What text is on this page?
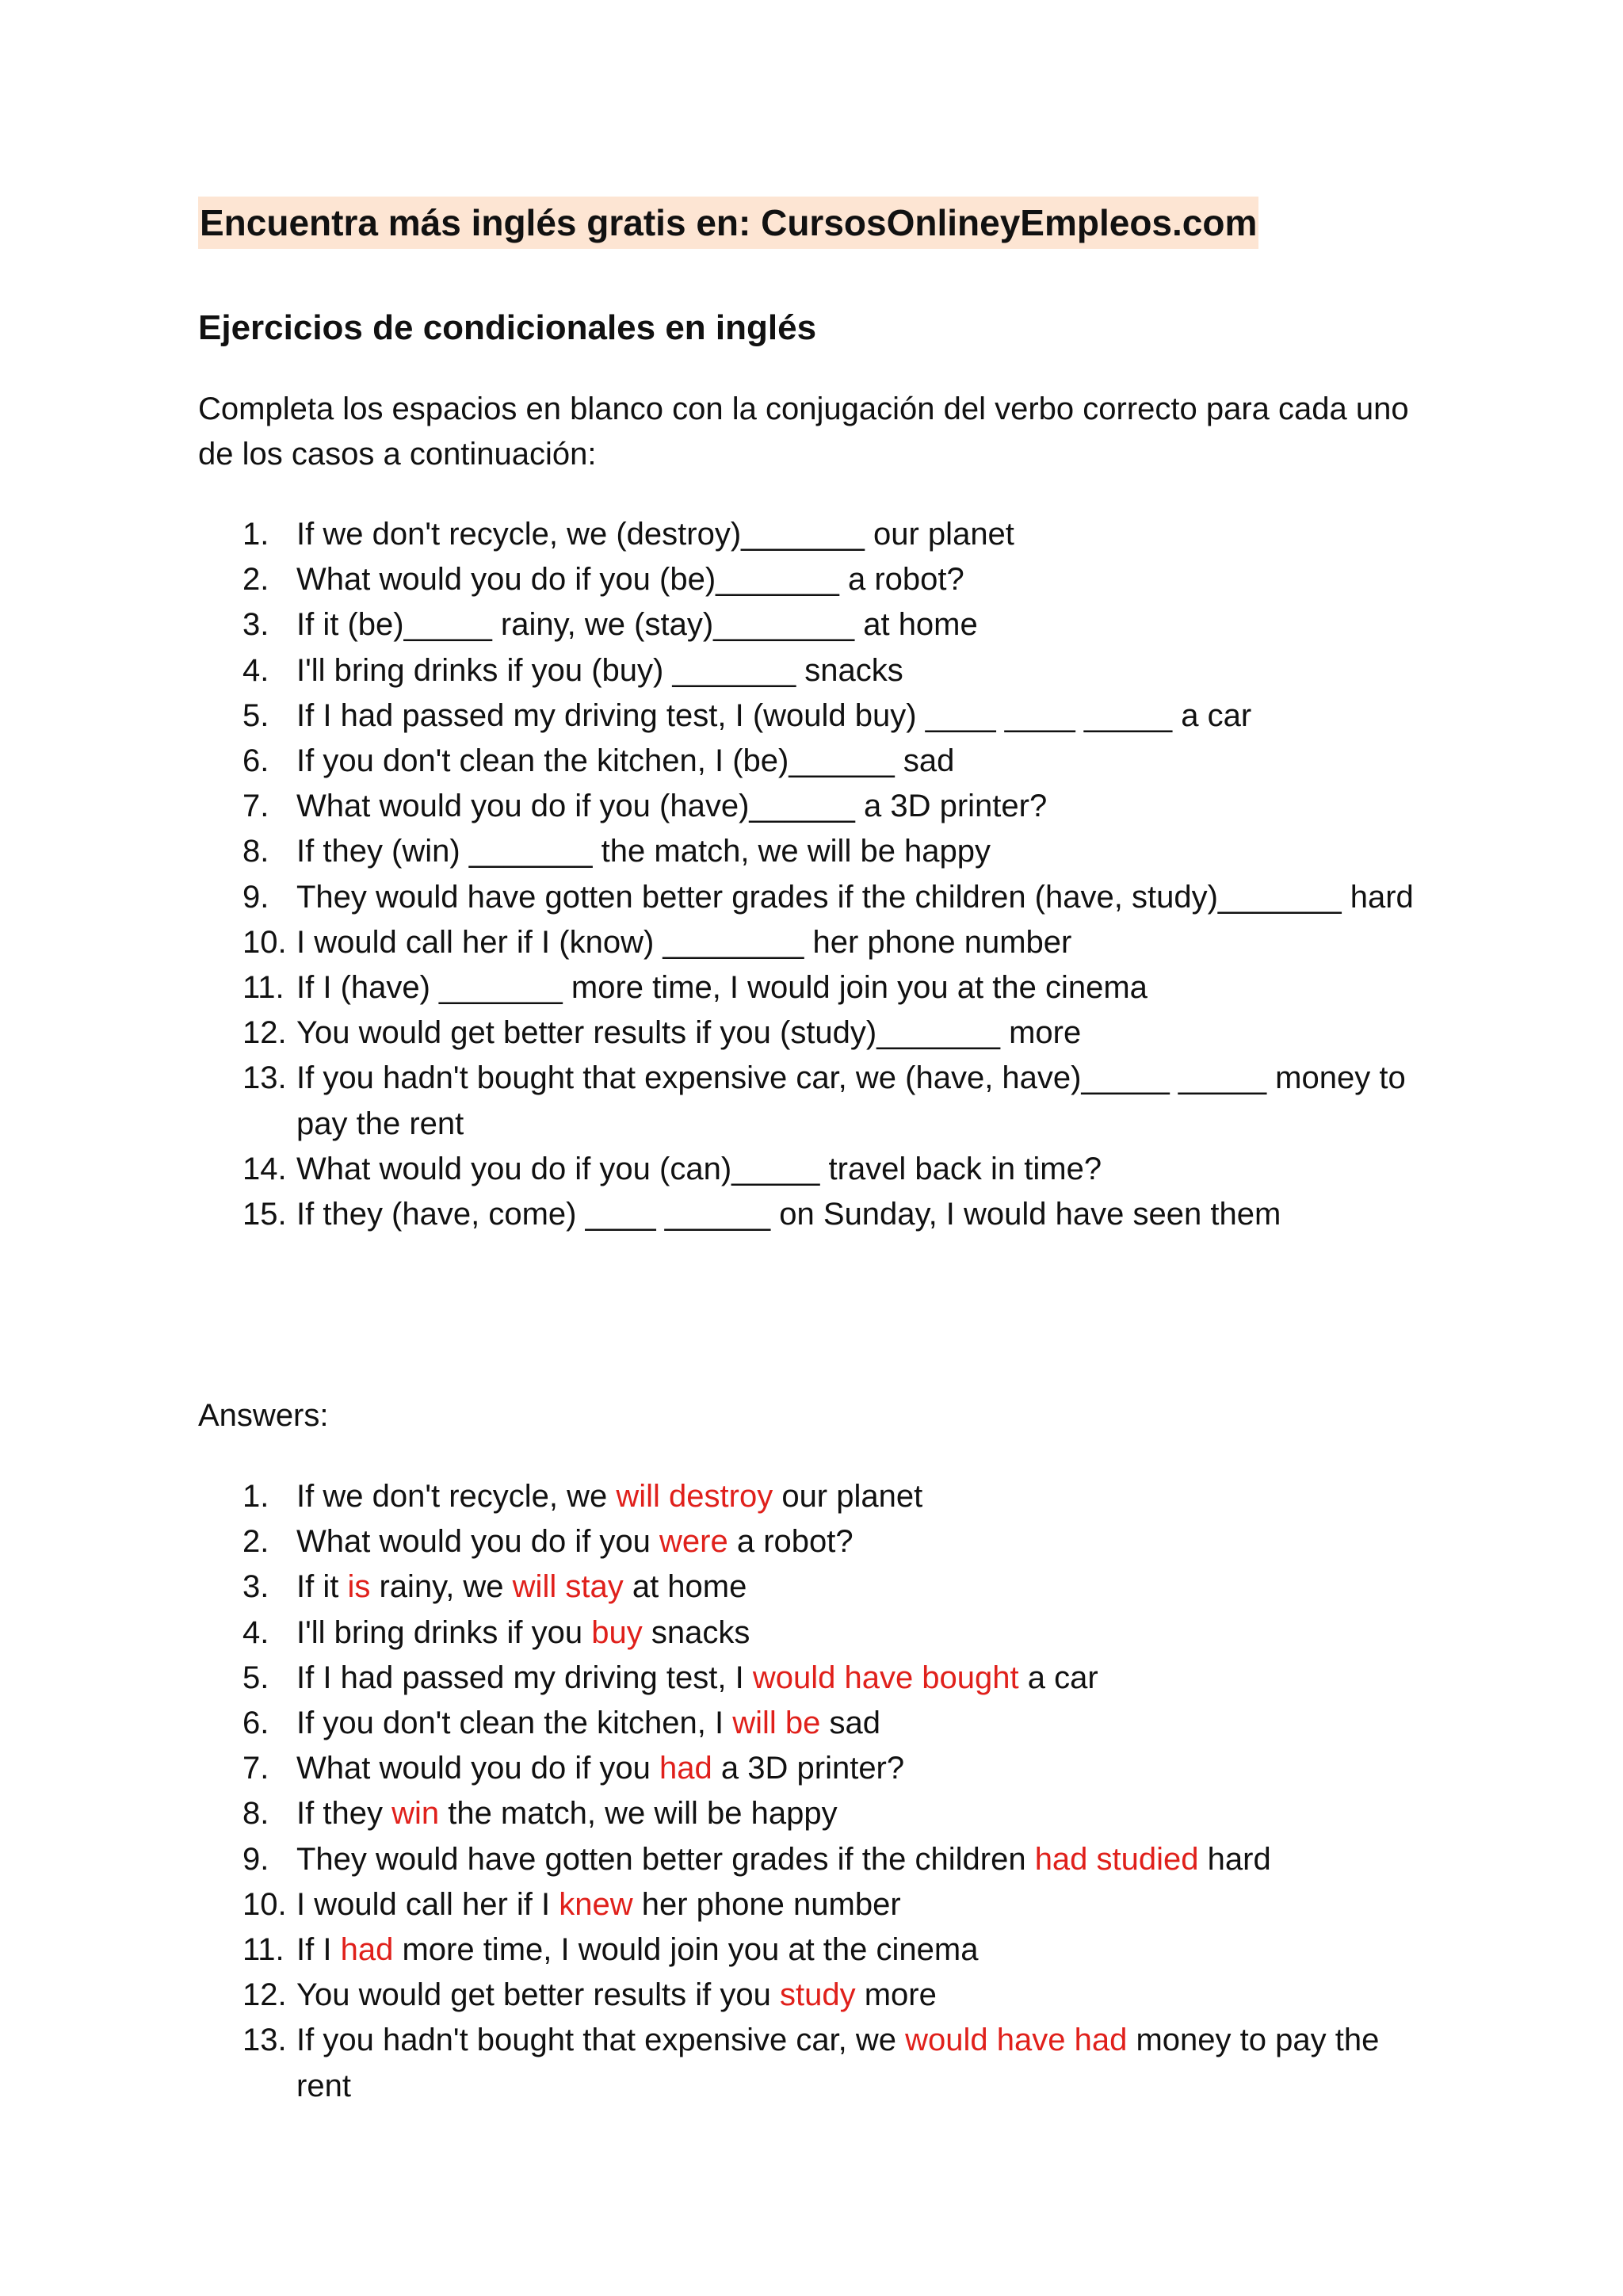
Encuentra más inglés gratis en: CursosOnlineyEmpleos.com
Ejercicios de condicionales en inglés
Completa los espacios en blanco con la conjugación del verbo correcto para cada uno de los casos a continuación:
1. If we don't recycle, we (destroy)_______ our planet
2. What would you do if you (be)_______ a robot?
3. If it (be)_____ rainy, we (stay)________ at home
4. I'll bring drinks if you (buy) _______ snacks
5. If I had passed my driving test, I (would buy) ____ ____ _____ a car
6. If you don't clean the kitchen, I (be)______ sad
7. What would you do if you (have)______ a 3D printer?
8. If they (win) _______ the match, we will be happy
9. They would have gotten better grades if the children (have, study)_______ hard
10. I would call her if I (know) ________ her phone number
11. If I (have) _______ more time, I would join you at the cinema
12. You would get better results if you (study)_______ more
13. If you hadn't bought that expensive car, we (have, have)_____ _____ money to pay the rent
14. What would you do if you (can)_____ travel back in time?
15. If they (have, come) ____ ______ on Sunday, I would have seen them
Answers:
1. If we don't recycle, we will destroy our planet
2. What would you do if you were a robot?
3. If it is rainy, we will stay at home
4. I'll bring drinks if you buy snacks
5. If I had passed my driving test, I would have bought a car
6. If you don't clean the kitchen, I will be sad
7. What would you do if you had a 3D printer?
8. If they win the match, we will be happy
9. They would have gotten better grades if the children had studied hard
10. I would call her if I knew her phone number
11. If I had more time, I would join you at the cinema
12. You would get better results if you study more
13. If you hadn't bought that expensive car, we would have had money to pay the rent
